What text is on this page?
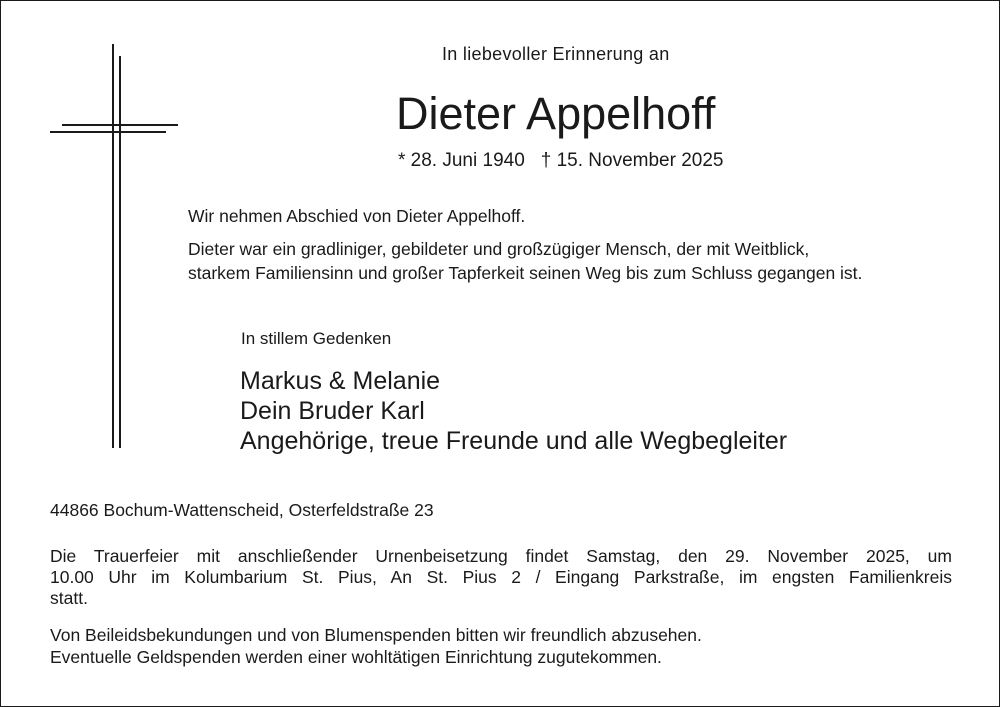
In liebevoller Erinnerung an
Dieter Appelhoff
* 28. Juni 1940 † 15. November 2025
Wir nehmen Abschied von Dieter Appelhoff.
Dieter war ein gradliniger, gebildeter und großzügiger Mensch, der mit Weitblick,
starkem Familiensinn und großer Tapferkeit seinen Weg bis zum Schluss gegangen ist.
In stillem Gedenken
Markus & Melanie
Dein Bruder Karl
Angehörige, treue Freunde und alle Wegbegleiter
44866 Bochum-Wattenscheid, Osterfeldstraße 23
Die Trauerfeier mit anschließender Urnenbeisetzung findet Samstag, den 29. November 2025, um
10.00 Uhr im Kolumbarium St. Pius, An St. Pius 2 / Eingang Parkstraße, im engsten Familienkreis
statt.
Von Beileidsbekundungen und von Blumenspenden bitten wir freundlich abzusehen.
Eventuelle Geldspenden werden einer wohltätigen Einrichtung zugutekommen.
